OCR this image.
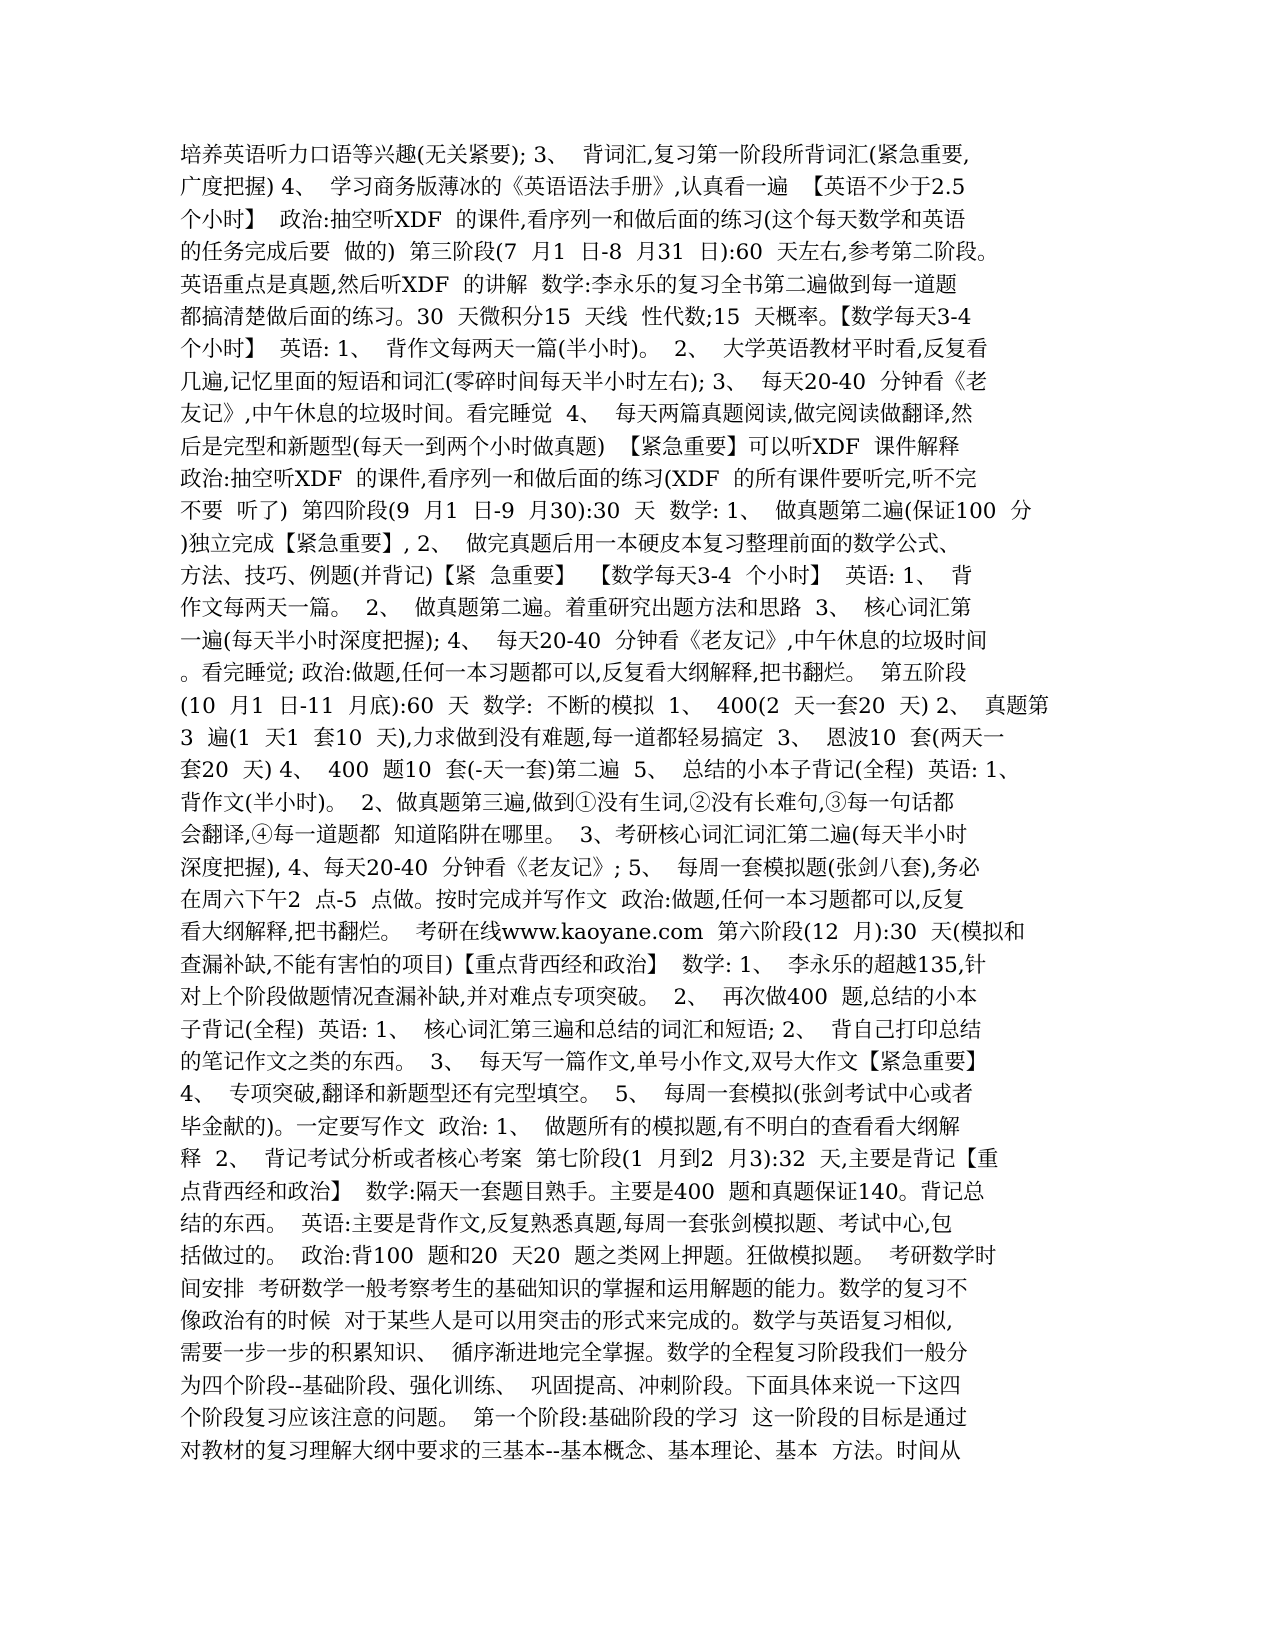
培养英语听力口语等兴趣(无关紧要); 3、  背词汇,复习第一阶段所背词汇(紧急重要,
广度把握) 4、  学习商务版薄冰的《英语语法手册》,认真看一遍  【英语不少于2.5
个小时】  政治:抽空听XDF  的课件,看序列一和做后面的练习(这个每天数学和英语
的任务完成后要  做的)  第三阶段(7  月1  日-8  月31  日):60  天左右,参考第二阶段。
英语重点是真题,然后听XDF  的讲解  数学:李永乐的复习全书第二遍做到每一道题
都搞清楚做后面的练习。30  天微积分15  天线  性代数;15  天概率。【数学每天3-4
个小时】  英语: 1、  背作文每两天一篇(半小时)。  2、  大学英语教材平时看,反复看
几遍,记忆里面的短语和词汇(零碎时间每天半小时左右); 3、  每天20-40  分钟看《老
友记》,中午休息的垃圾时间。看完睡觉  4、  每天两篇真题阅读,做完阅读做翻译,然
后是完型和新题型(每天一到两个小时做真题)  【紧急重要】可以听XDF  课件解释
政治:抽空听XDF  的课件,看序列一和做后面的练习(XDF  的所有课件要听完,听不完
不要  听了)  第四阶段(9  月1  日-9  月30):30  天  数学: 1、  做真题第二遍(保证100  分
)独立完成【紧急重要】, 2、  做完真题后用一本硬皮本复习整理前面的数学公式、
方法、技巧、例题(并背记)【紧  急重要】  【数学每天3-4  个小时】  英语: 1、  背
作文每两天一篇。  2、  做真题第二遍。着重研究出题方法和思路  3、  核心词汇第
一遍(每天半小时深度把握); 4、  每天20-40  分钟看《老友记》,中午休息的垃圾时间
。看完睡觉; 政治:做题,任何一本习题都可以,反复看大纲解释,把书翻烂。  第五阶段
(10  月1  日-11  月底):60  天  数学:  不断的模拟  1、  400(2  天一套20  天) 2、  真题第
3  遍(1  天1  套10  天),力求做到没有难题,每一道都轻易搞定  3、  恩波10  套(两天一
套20  天) 4、  400  题10  套(-天一套)第二遍  5、  总结的小本子背记(全程)  英语: 1、
背作文(半小时)。  2、做真题第三遍,做到①没有生词,②没有长难句,③每一句话都
会翻译,④每一道题都  知道陷阱在哪里。  3、考研核心词汇词汇第二遍(每天半小时
深度把握), 4、每天20-40  分钟看《老友记》; 5、  每周一套模拟题(张剑八套),务必
在周六下午2  点-5  点做。按时完成并写作文  政治:做题,任何一本习题都可以,反复
看大纲解释,把书翻烂。  考研在线www.kaoyane.com  第六阶段(12  月):30  天(模拟和
查漏补缺,不能有害怕的项目)【重点背西经和政治】  数学: 1、  李永乐的超越135,针
对上个阶段做题情况查漏补缺,并对难点专项突破。  2、  再次做400  题,总结的小本
子背记(全程)  英语: 1、  核心词汇第三遍和总结的词汇和短语; 2、  背自己打印总结
的笔记作文之类的东西。  3、  每天写一篇作文,单号小作文,双号大作文【紧急重要】
4、  专项突破,翻译和新题型还有完型填空。  5、  每周一套模拟(张剑考试中心或者
毕金献的)。一定要写作文  政治: 1、  做题所有的模拟题,有不明白的查看看大纲解
释  2、  背记考试分析或者核心考案  第七阶段(1  月到2  月3):32  天,主要是背记【重
点背西经和政治】  数学:隔天一套题目熟手。主要是400  题和真题保证140。背记总
结的东西。  英语:主要是背作文,反复熟悉真题,每周一套张剑模拟题、考试中心,包
括做过的。  政治:背100  题和20  天20  题之类网上押题。狂做模拟题。  考研数学时
间安排  考研数学一般考察考生的基础知识的掌握和运用解题的能力。数学的复习不
像政治有的时候  对于某些人是可以用突击的形式来完成的。数学与英语复习相似,
需要一步一步的积累知识、  循序渐进地完全掌握。数学的全程复习阶段我们一般分
为四个阶段--基础阶段、强化训练、  巩固提高、冲刺阶段。下面具体来说一下这四
个阶段复习应该注意的问题。  第一个阶段:基础阶段的学习  这一阶段的目标是通过
对教材的复习理解大纲中要求的三基本--基本概念、基本理论、基本  方法。时间从
